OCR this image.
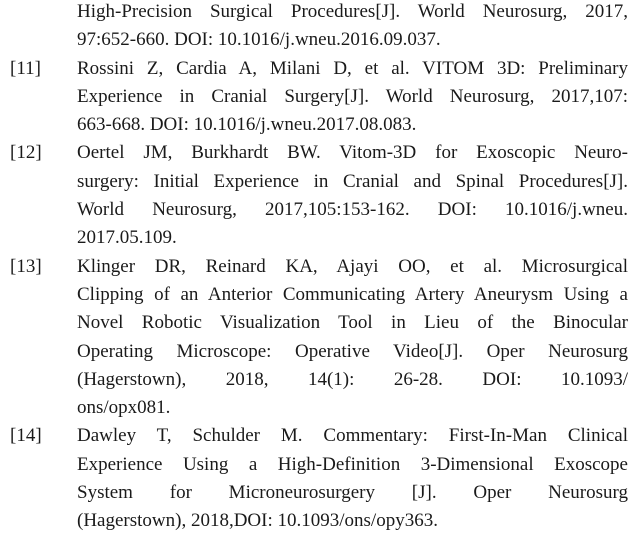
High-Precision Surgical Procedures[J]. World Neurosurg, 2017,
97:652-660. DOI: 10.1016/j.wneu.2016.09.037.
[11] Rossini Z, Cardia A, Milani D, et al. VITOM 3D: Preliminary
Experience in Cranial Surgery[J]. World Neurosurg, 2017,107:
663-668. DOI: 10.1016/j.wneu.2017.08.083.
[12] Oertel JM, Burkhardt BW. Vitom-3D for Exoscopic Neuro-
surgery: Initial Experience in Cranial and Spinal Procedures[J].
World Neurosurg, 2017,105:153-162. DOI: 10.1016/j.wneu.
2017.05.109.
[13] Klinger DR, Reinard KA, Ajayi OO, et al. Microsurgical
Clipping of an Anterior Communicating Artery Aneurysm Using a
Novel Robotic Visualization Tool in Lieu of the Binocular
Operating Microscope: Operative Video[J]. Oper Neurosurg
(Hagerstown), 2018, 14(1): 26-28. DOI: 10.1093/
ons/opx081.
[14] Dawley T, Schulder M. Commentary: First-In-Man Clinical
Experience Using a High-Definition 3-Dimensional Exoscope
System for Microneurosurgery [J]. Oper Neurosurg
(Hagerstown), 2018,DOI: 10.1093/ons/opy363.
